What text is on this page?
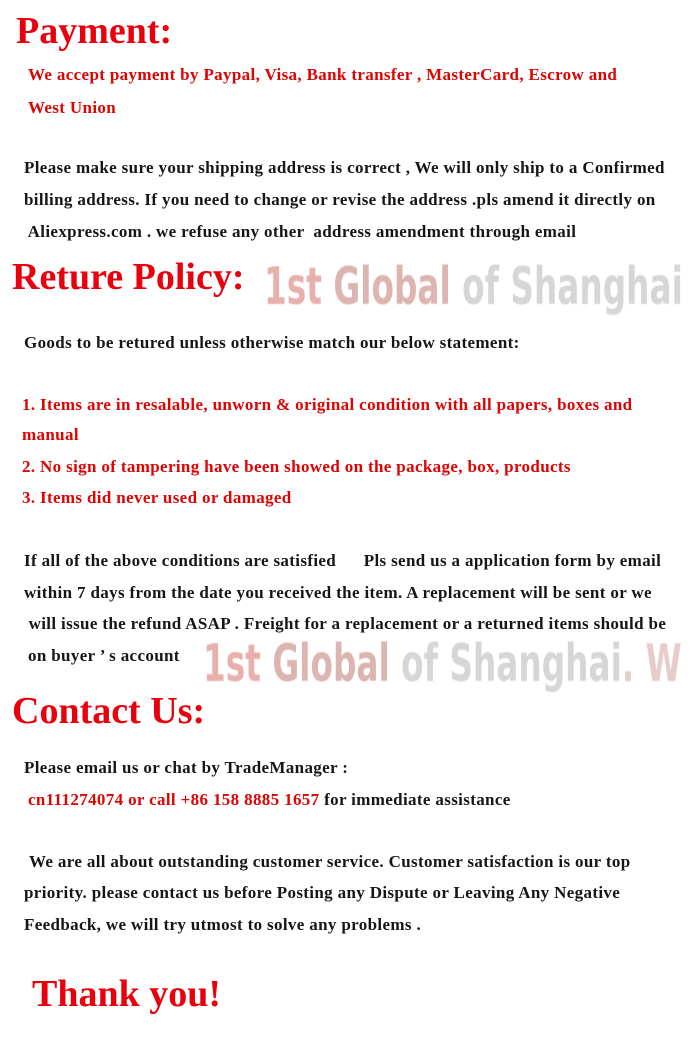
1st Global of Shanghai
1st Global of Shanghai. W
Payment:
We accept payment by Paypal, Visa, Bank transfer , MasterCard, Escrow and
West Union
Please make sure your shipping address is correct , We will only ship to a Confirmed
billing address. If you need to change or revise the address .pls amend it directly on
Aliexpress.com . we refuse any other  address amendment through email
Reture Policy:
Goods to be retured unless otherwise match our below statement:
1. Items are in resalable, unworn & original condition with all papers, boxes and
manual
2. No sign of tampering have been showed on the package, box, products
3. Items did never used or damaged
If all of the above conditions are satisfied      Pls send us a application form by email
within 7 days from the date you received the item. A replacement will be sent or we
will issue the refund ASAP . Freight for a replacement or a returned items should be
on buyer ’ s account
Contact Us:
Please email us or chat by TradeManager :
cn111274074 or call +86 158 8885 1657 for immediate assistance
We are all about outstanding customer service. Customer satisfaction is our top
priority. please contact us before Posting any Dispute or Leaving Any Negative
Feedback, we will try utmost to solve any problems .
Thank you!
